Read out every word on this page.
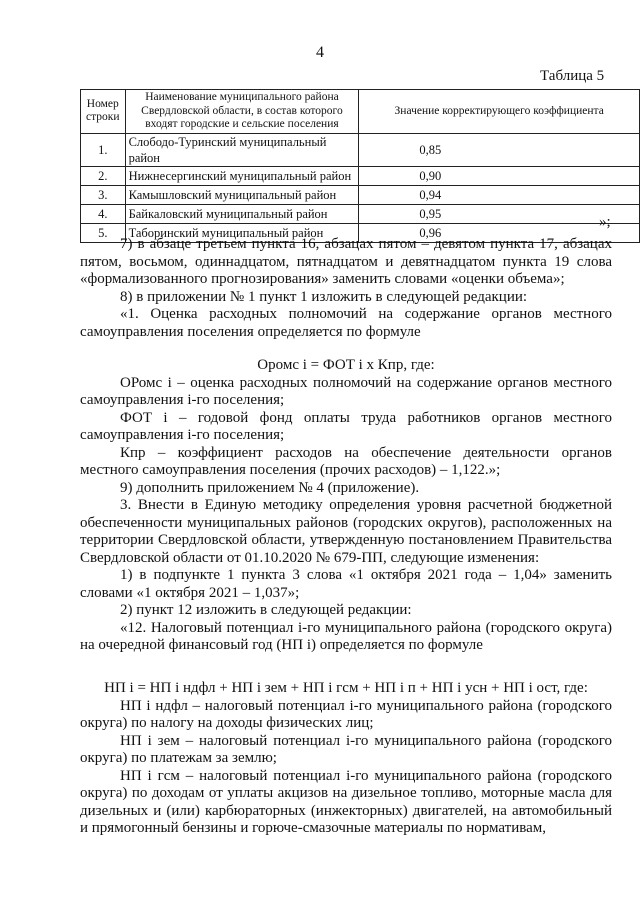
4
Таблица 5
Номер строки	Наименование муниципального района Свердловской области, в состав которого входят городские и сельские поселения	Значение корректирующего коэффициента
1.	Слободо-Туринский муниципальный район	0,85
2.	Нижнесергинский муниципальный район	0,90
3.	Камышловский муниципальный район	0,94
4.	Байкаловский муниципальный район	0,95
5.	Таборинский муниципальный район	0,96
»;

7) в абзаце третьем пункта 16, абзацах пятом – девятом пункта 17, абзацах пятом, восьмом, одиннадцатом, пятнадцатом и девятнадцатом пункта 19 слова «формализованного прогнозирования» заменить словами «оценки объема»;

8) в приложении № 1 пункт 1 изложить в следующей редакции:

«1. Оценка расходных полномочий на содержание органов местного самоуправления поселения определяется по формуле

Оромс i = ФОТ i х Кпр, где:

ОРомс i – оценка расходных полномочий на содержание органов местного самоуправления i-го поселения;

ФОТ i – годовой фонд оплаты труда работников органов местного самоуправления i-го поселения;

Кпр – коэффициент расходов на обеспечение деятельности органов местного самоуправления поселения (прочих расходов) – 1,122.»;

9) дополнить приложением № 4 (приложение).

3. Внести в Единую методику определения уровня расчетной бюджетной обеспеченности муниципальных районов (городских округов), расположенных на территории Свердловской области, утвержденную постановлением Правительства Свердловской области от 01.10.2020 № 679-ПП, следующие изменения:

1) в подпункте 1 пункта 3 слова «1 октября 2021 года – 1,04» заменить словами «1 октября 2021 – 1,037»;

2) пункт 12 изложить в следующей редакции:

«12. Налоговый потенциал i-го муниципального района (городского округа) на очередной финансовый год (НП i) определяется по формуле

НП i = НП i ндфл + НП i зем + НП i гсм + НП i п + НП i усн + НП i ост, где:

НП i ндфл – налоговый потенциал i-го муниципального района (городского округа) по налогу на доходы физических лиц;

НП i зем – налоговый потенциал i-го муниципального района (городского округа) по платежам за землю;

НП i гсм – налоговый потенциал i-го муниципального района (городского округа) по доходам от уплаты акцизов на дизельное топливо, моторные масла для дизельных и (или) карбюраторных (инжекторных) двигателей, на автомобильный и прямогонный бензины и горюче-смазочные материалы по нормативам,
